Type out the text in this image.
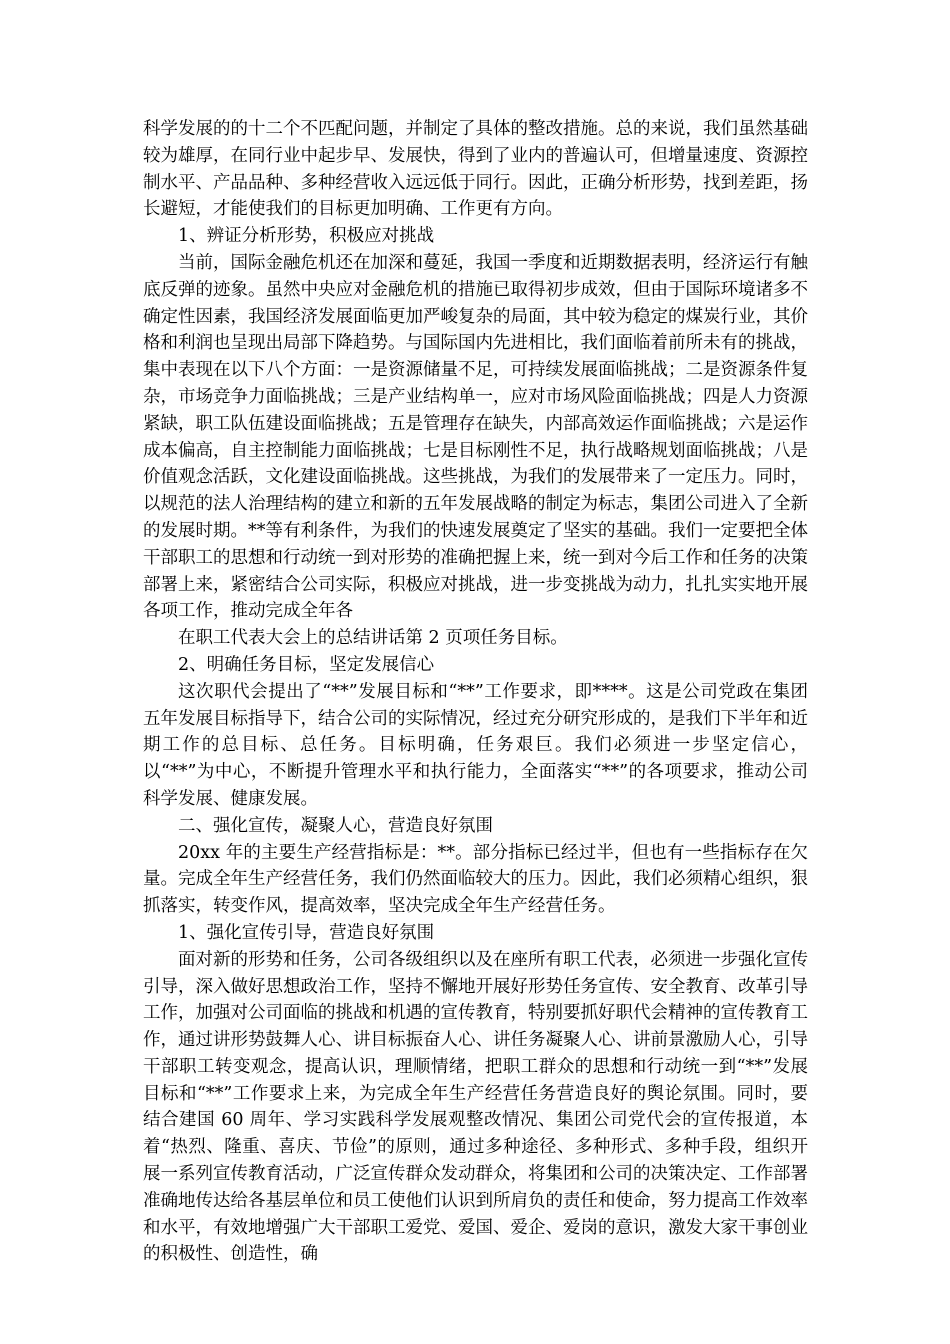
科学发展的的十二个不匹配问题，并制定了具体的整改措施。总的来说，我们虽然基础较为雄厚，在同行业中起步早、发展快，得到了业内的普遍认可，但增量速度、资源控制水平、产品品种、多种经营收入远远低于同行。因此，正确分析形势，找到差距，扬长避短，才能使我们的目标更加明确、工作更有方向。

1、辨证分析形势，积极应对挑战

当前，国际金融危机还在加深和蔓延，我国一季度和近期数据表明，经济运行有触底反弹的迹象。虽然中央应对金融危机的措施已取得初步成效，但由于国际环境诸多不确定性因素，我国经济发展面临更加严峻复杂的局面，其中较为稳定的煤炭行业，其价格和利润也呈现出局部下降趋势。与国际国内先进相比，我们面临着前所未有的挑战，集中表现在以下八个方面：一是资源储量不足，可持续发展面临挑战；二是资源条件复杂，市场竞争力面临挑战；三是产业结构单一，应对市场风险面临挑战；四是人力资源紧缺，职工队伍建设面临挑战；五是管理存在缺失，内部高效运作面临挑战；六是运作成本偏高，自主控制能力面临挑战；七是目标刚性不足，执行战略规划面临挑战；八是价值观念活跃，文化建设面临挑战。这些挑战，为我们的发展带来了一定压力。同时，以规范的法人治理结构的建立和新的五年发展战略的制定为标志，集团公司进入了全新的发展时期。**等有利条件，为我们的快速发展奠定了坚实的基础。我们一定要把全体干部职工的思想和行动统一到对形势的准确把握上来，统一到对今后工作和任务的决策部署上来，紧密结合公司实际，积极应对挑战，进一步变挑战为动力，扎扎实实地开展各项工作，推动完成全年各

在职工代表大会上的总结讲话第 2 页项任务目标。

2、明确任务目标，坚定发展信心

这次职代会提出了“**”发展目标和“**”工作要求，即****。这是公司党政在集团五年发展目标指导下，结合公司的实际情况，经过充分研究形成的，是我们下半年和近期工作的总目标、总任务。目标明确，任务艰巨。我们必须进一步坚定信心，以“**”为中心，不断提升管理水平和执行能力，全面落实“**”的各项要求，推动公司科学发展、健康发展。

二、强化宣传，凝聚人心，营造良好氛围

20xx 年的主要生产经营指标是：**。部分指标已经过半，但也有一些指标存在欠量。完成全年生产经营任务，我们仍然面临较大的压力。因此，我们必须精心组织，狠抓落实，转变作风，提高效率，坚决完成全年生产经营任务。

1、强化宣传引导，营造良好氛围

面对新的形势和任务，公司各级组织以及在座所有职工代表，必须进一步强化宣传引导，深入做好思想政治工作，坚持不懈地开展好形势任务宣传、安全教育、改革引导工作，加强对公司面临的挑战和机遇的宣传教育，特别要抓好职代会精神的宣传教育工作，通过讲形势鼓舞人心、讲目标振奋人心、讲任务凝聚人心、讲前景激励人心，引导干部职工转变观念，提高认识，理顺情绪，把职工群众的思想和行动统一到“**”发展目标和“**”工作要求上来，为完成全年生产经营任务营造良好的舆论氛围。同时，要结合建国 60 周年、学习实践科学发展观整改情况、集团公司党代会的宣传报道，本着“热烈、隆重、喜庆、节俭”的原则，通过多种途径、多种形式、多种手段，组织开展一系列宣传教育活动，广泛宣传群众发动群众，将集团和公司的决策决定、工作部署准确地传达给各基层单位和员工使他们认识到所肩负的责任和使命，努力提高工作效率和水平，有效地增强广大干部职工爱党、爱国、爱企、爱岗的意识，激发大家干事创业的积极性、创造性，确
